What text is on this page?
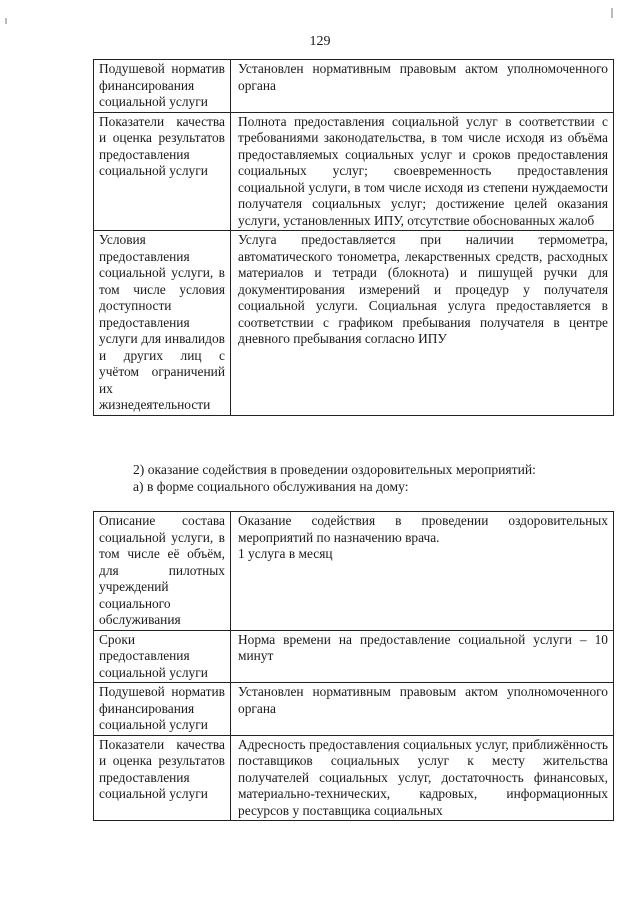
129
Подушевой норматив финансирования социальной услуги	Установлен нормативным правовым актом уполномоченного органа

Показатели качества и оценка результатов предоставления социальной услуги	Полнота предоставления социальной услуг в соответствии с требованиями законодательства, в том числе исходя из объёма предоставляемых социальных услуг и сроков предоставления социальных услуг; своевременность предоставления социальной услуги, в том числе исходя из степени нуждаемости получателя социальных услуг; достижение целей оказания услуги, установленных ИПУ, отсутствие обоснованных жалоб

Условия предоставления социальной услуги, в том числе условия доступности предоставления услуги для инвалидов и других лиц с учётом ограничений их жизнедеятельности	Услуга предоставляется при наличии термометра, автоматического тонометра, лекарственных средств, расходных материалов и тетради (блокнота) и пишущей ручки для документирования измерений и процедур у получателя социальной услуги. Социальная услуга предоставляется в соответствии с графиком пребывания получателя в центре дневного пребывания согласно ИПУ
2) оказание содействия в проведении оздоровительных мероприятий:
а) в форме социального обслуживания на дому:
Описание состава социальной услуги, в том числе её объём, для пилотных учреждений социального обслуживания	Оказание содействия в проведении оздоровительных мероприятий по назначению врача.
1 услуга в месяц

Сроки предоставления социальной услуги	Норма времени на предоставление социальной услуги – 10 минут

Подушевой норматив финансирования социальной услуги	Установлен нормативным правовым актом уполномоченного органа

Показатели качества и оценка результатов предоставления социальной услуги	Адресность предоставления социальных услуг, приближённость поставщиков социальных услуг к месту жительства получателей социальных услуг, достаточность финансовых, материально-технических, кадровых, информационных ресурсов у поставщика социальных
